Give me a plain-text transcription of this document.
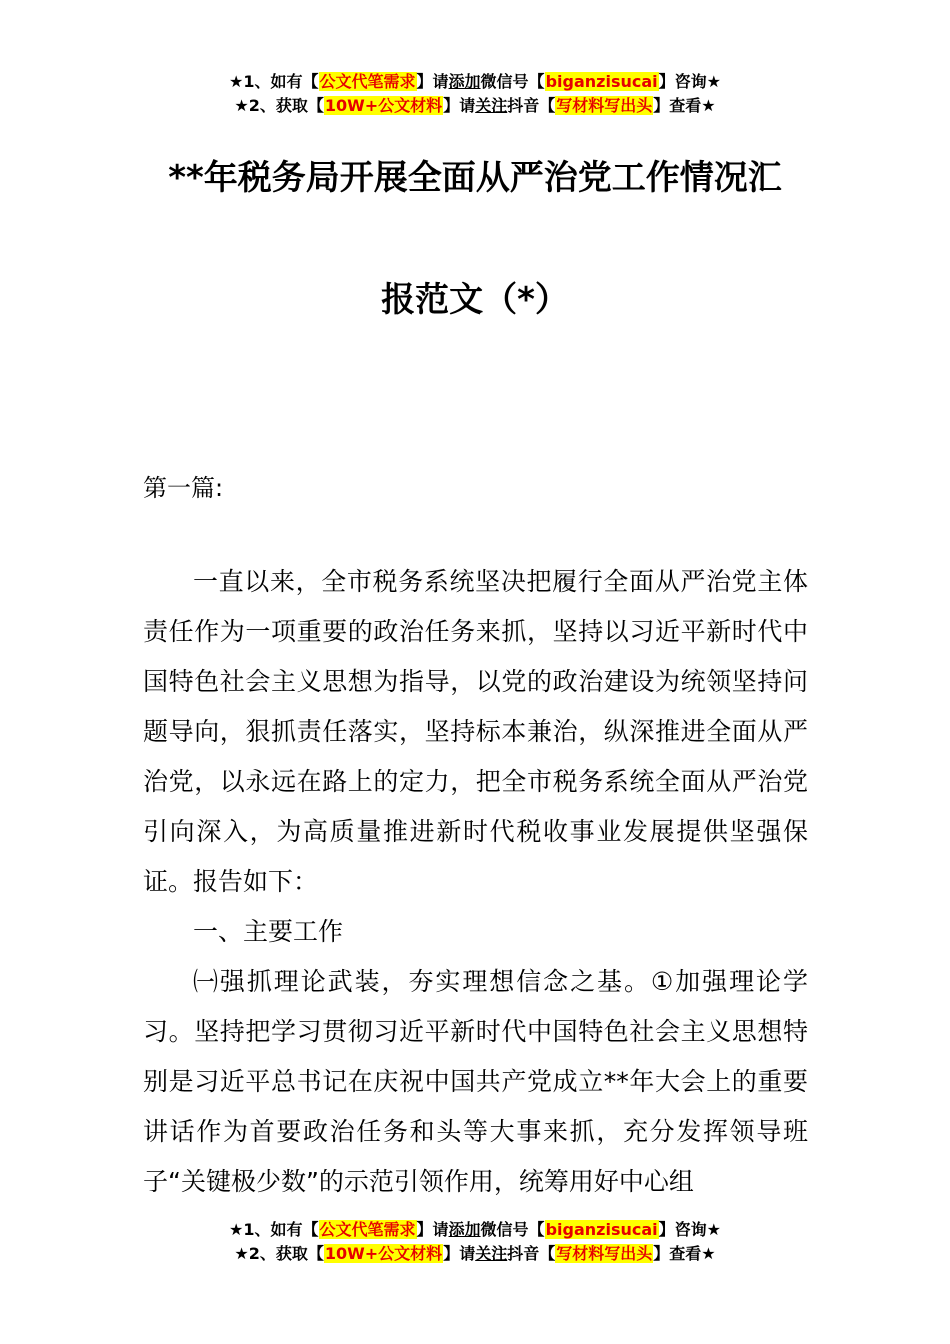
★1、如有【公文代笔需求】请添加微信号【biganzisucai】咨询★
★2、获取【10W+公文材料】请关注抖音【写材料写出头】查看★
**年税务局开展全面从严治党工作情况汇
报范文（*）
第一篇:

一直以来，全市税务系统坚决把履行全面从严治党主体责任作为一项重要的政治任务来抓，坚持以习近平新时代中国特色社会主义思想为指导，以党的政治建设为统领坚持问题导向，狠抓责任落实，坚持标本兼治，纵深推进全面从严治党，以永远在路上的定力，把全市税务系统全面从严治党引向深入，为高质量推进新时代税收事业发展提供坚强保证。报告如下：

一、主要工作

㈠强抓理论武装，夯实理想信念之基。①加强理论学习。坚持把学习贯彻习近平新时代中国特色社会主义思想特别是习近平总书记在庆祝中国共产党成立**年大会上的重要讲话作为首要政治任务和头等大事来抓，充分发挥领导班子“关键极少数”的示范引领作用，统筹用好中心组

★1、如有【公文代笔需求】请添加微信号【biganzisucai】咨询★
★2、获取【10W+公文材料】请关注抖音【写材料写出头】查看★
